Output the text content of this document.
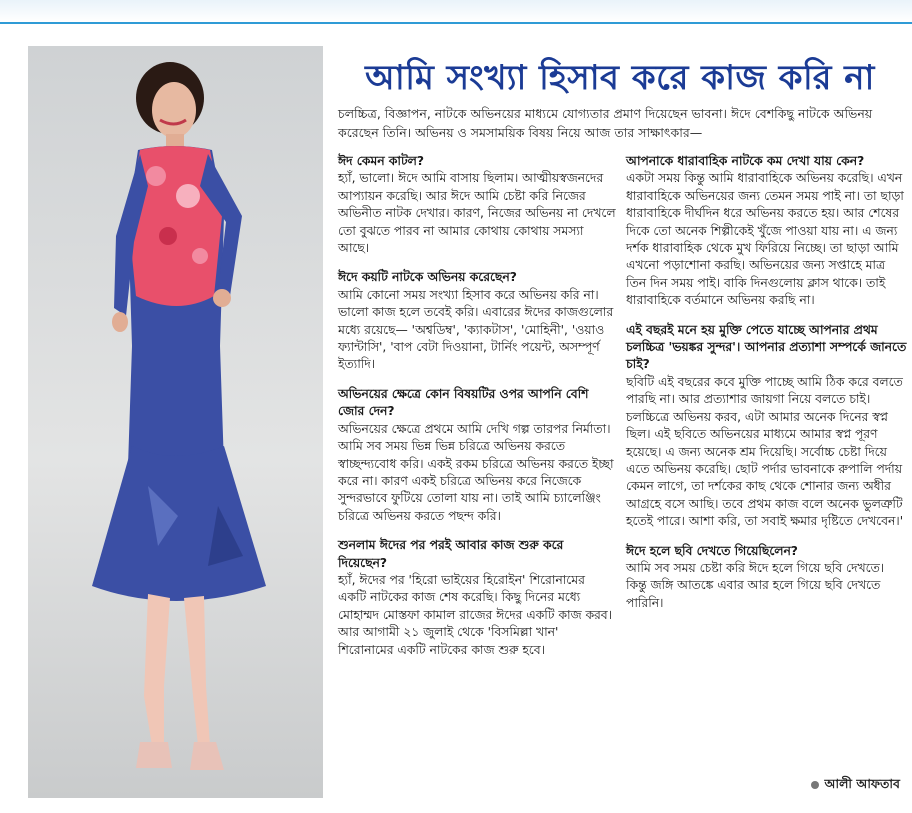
আমি সংখ্যা হিসাব করে কাজ করি না
চলচ্চিত্র, বিজ্ঞাপন, নাটকে অভিনয়ের মাধ্যমে যোগ্যতার প্রমাণ দিয়েছেন ভাবনা। ঈদে বেশকিছু নাটকে অভিনয় করেছেন তিনি। অভিনয় ও সমসাময়িক বিষয় নিয়ে আজ তার সাক্ষাৎকার—

ঈদ কেমন কাটল?

হ্যাঁ, ভালো। ঈদে আমি বাসায় ছিলাম। আত্মীয়স্বজনদের আপ্যায়ন করেছি। আর ঈদে আমি চেষ্টা করি নিজের অভিনীত নাটক দেখার। কারণ, নিজের অভিনয় না দেখলে তো বুঝতে পারব না আমার কোথায় কোথায় সমস্যা আছে।

ঈদে কয়টি নাটকে অভিনয় করেছেন?

আমি কোনো সময় সংখ্যা হিসাব করে অভিনয় করি না। ভালো কাজ হলে তবেই করি। এবারের ঈদের কাজগুলোর মধ্যে রয়েছে— 'অশ্বডিম্ব', 'ক্যাকটাস', 'মোহিনী', 'ওয়াও ফ্যান্টাসি', 'বাপ বেটা দিওয়ানা, টার্নিং পয়েন্ট, অসম্পূর্ণ ইত্যাদি।

অভিনয়ের ক্ষেত্রে কোন বিষয়টির ওপর আপনি বেশি জোর দেন?

অভিনয়ের ক্ষেত্রে প্রথমে আমি দেখি গল্প তারপর নির্মাতা। আমি সব সময় ভিন্ন ভিন্ন চরিত্রে অভিনয় করতে স্বাচ্ছন্দ্যবোধ করি। একই রকম চরিত্রে অভিনয় করতে ইচ্ছা করে না। কারণ একই চরিত্রে অভিনয় করে নিজেকে সুন্দরভাবে ফুটিয়ে তোলা যায় না। তাই আমি চ্যালেঞ্জিং চরিত্রে অভিনয় করতে পছন্দ করি।

শুনলাম ঈদের পর পরই আবার কাজ শুরু করে দিয়েছেন?

হ্যাঁ, ঈদের পর 'হিরো ভাইয়ের হিরোইন' শিরোনামের একটি নাটকের কাজ শেষ করেছি। কিছু দিনের মধ্যে মোহাম্মদ মোস্তফা কামাল রাজের ঈদের একটি কাজ করব। আর আগামী ২১ জুলাই থেকে 'বিসমিল্লা খান' শিরোনামের একটি নাটকের কাজ শুরু হবে।

আপনাকে ধারাবাহিক নাটকে কম দেখা যায় কেন?

একটা সময় কিন্তু আমি ধারাবাহিকে অভিনয় করেছি। এখন ধারাবাহিকে অভিনয়ের জন্য তেমন সময় পাই না। তা ছাড়া ধারাবাহিকে দীর্ঘদিন ধরে অভিনয় করতে হয়। আর শেষের দিকে তো অনেক শিল্পীকেই খুঁজে পাওয়া যায় না। এ জন্য দর্শক ধারাবাহিক থেকে মুখ ফিরিয়ে নিচ্ছে। তা ছাড়া আমি এখনো পড়াশোনা করছি। অভিনয়ের জন্য সপ্তাহে মাত্র তিন দিন সময় পাই। বাকি দিনগুলোয় ক্লাস থাকে। তাই ধারাবাহিকে বর্তমানে অভিনয় করছি না।

এই বছরই মনে হয় মুক্তি পেতে যাচ্ছে আপনার প্রথম চলচ্চিত্র 'ভয়ঙ্কর সুন্দর'। আপনার প্রত্যাশা সম্পর্কে জানতে চাই?

ছবিটি এই বছরের কবে মুক্তি পাচ্ছে আমি ঠিক করে বলতে পারছি না। আর প্রত্যাশার জায়গা নিয়ে বলতে চাই। চলচ্চিত্রে অভিনয় করব, এটা আমার অনেক দিনের স্বপ্ন ছিল। এই ছবিতে অভিনয়ের মাধ্যমে আমার স্বপ্ন পূরণ হয়েছে। এ জন্য অনেক শ্রম দিয়েছি। সর্বোচ্চ চেষ্টা দিয়ে এতে অভিনয় করেছি। ছোট পর্দার ভাবনাকে রুপালি পর্দায় কেমন লাগে, তা দর্শকের কাছ থেকে শোনার জন্য অধীর আগ্রহে বসে আছি। তবে প্রথম কাজ বলে অনেক ভুলত্রুটি হতেই পারে। আশা করি, তা সবাই ক্ষমার দৃষ্টিতে দেখবেন।'

ঈদে হলে ছবি দেখতে গিয়েছিলেন?

আমি সব সময় চেষ্টা করি ঈদে হলে গিয়ে ছবি দেখতে। কিন্তু জঙ্গি আতঙ্কে এবার আর হলে গিয়ে ছবি দেখতে পারিনি।

আলী আফতাব
